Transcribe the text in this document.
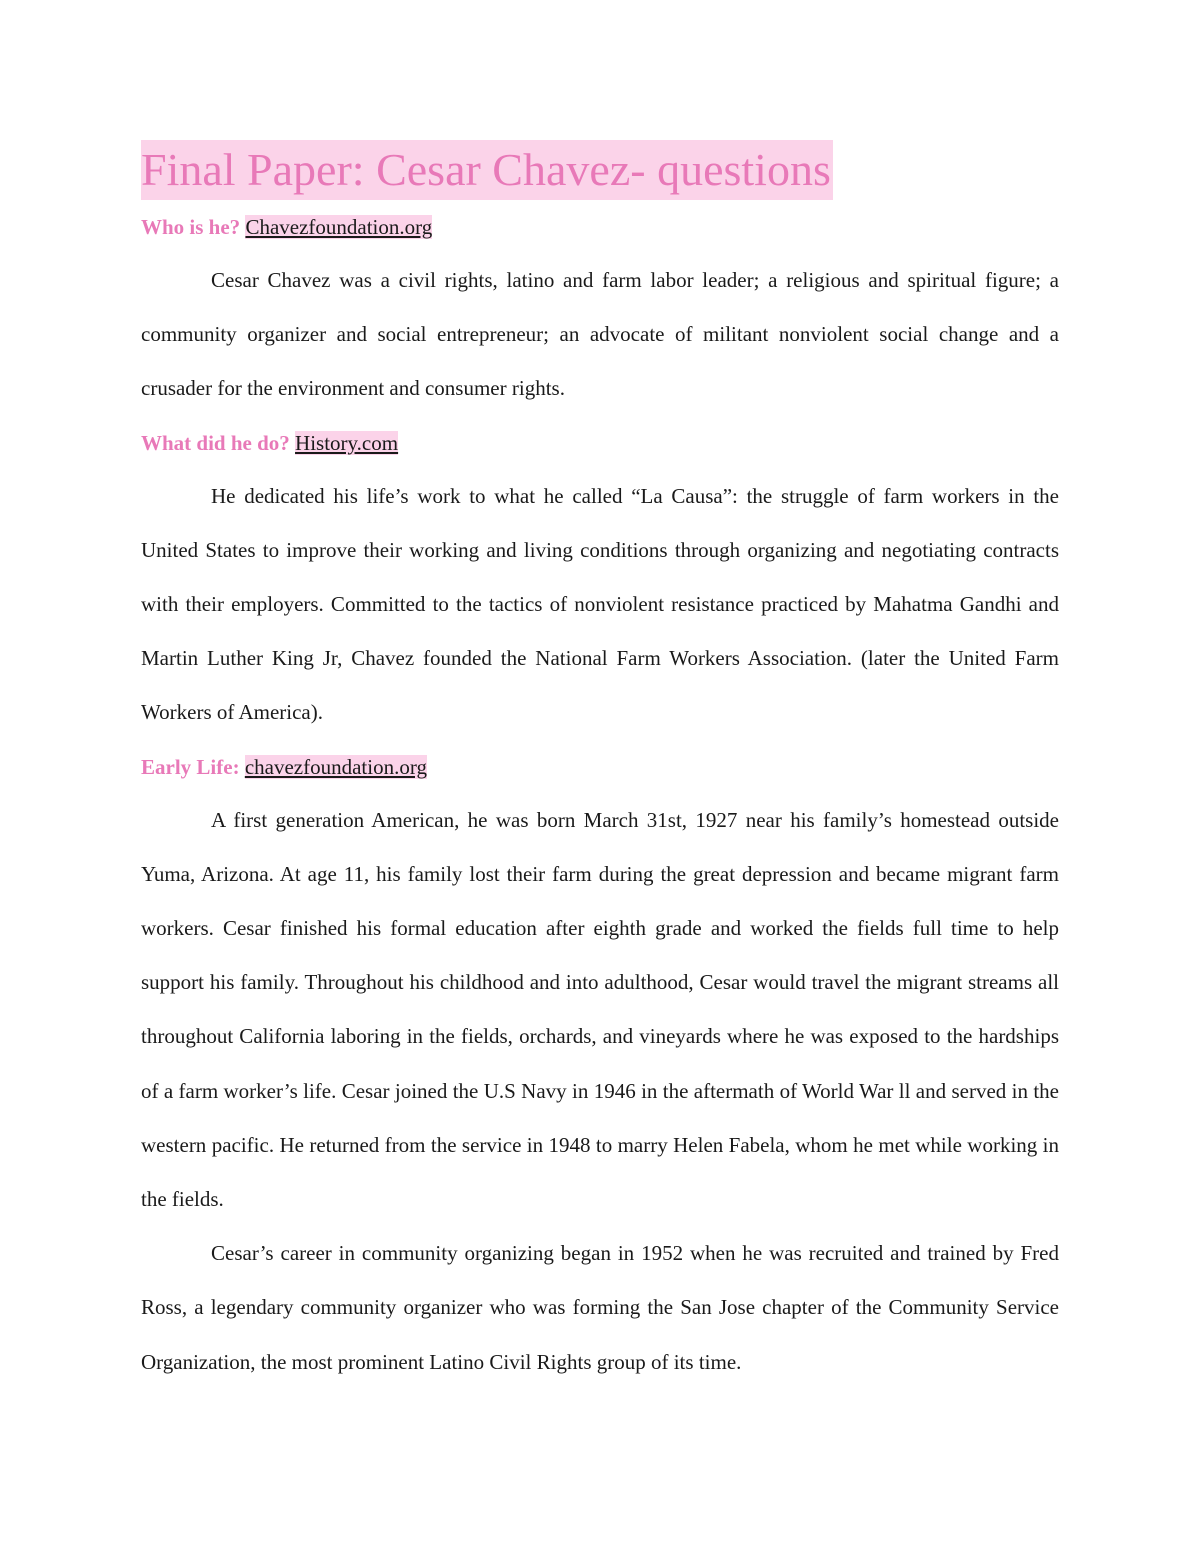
Final Paper: Cesar Chavez- questions
Who is he? Chavezfoundation.org

Cesar Chavez was a civil rights, latino and farm labor leader; a religious and spiritual figure; a community organizer and social entrepreneur; an advocate of militant nonviolent social change and a crusader for the environment and consumer rights.

What did he do? History.com

He dedicated his life’s work to what he called “La Causa”: the struggle of farm workers in the United States to improve their working and living conditions through organizing and negotiating contracts with their employers. Committed to the tactics of nonviolent resistance practiced by Mahatma Gandhi and Martin Luther King Jr, Chavez founded the National Farm Workers Association. (later the United Farm Workers of America).

Early Life: chavezfoundation.org

A first generation American, he was born March 31st, 1927 near his family’s homestead outside Yuma, Arizona. At age 11, his family lost their farm during the great depression and became migrant farm workers. Cesar finished his formal education after eighth grade and worked the fields full time to help support his family. Throughout his childhood and into adulthood, Cesar would travel the migrant streams all throughout California laboring in the fields, orchards, and vineyards where he was exposed to the hardships of a farm worker’s life. Cesar joined the U.S Navy in 1946 in the aftermath of World War ll and served in the western pacific. He returned from the service in 1948 to marry Helen Fabela, whom he met while working in the fields.

Cesar’s career in community organizing began in 1952 when he was recruited and trained by Fred Ross, a legendary community organizer who was forming the San Jose chapter of the Community Service Organization, the most prominent Latino Civil Rights group of its time.
